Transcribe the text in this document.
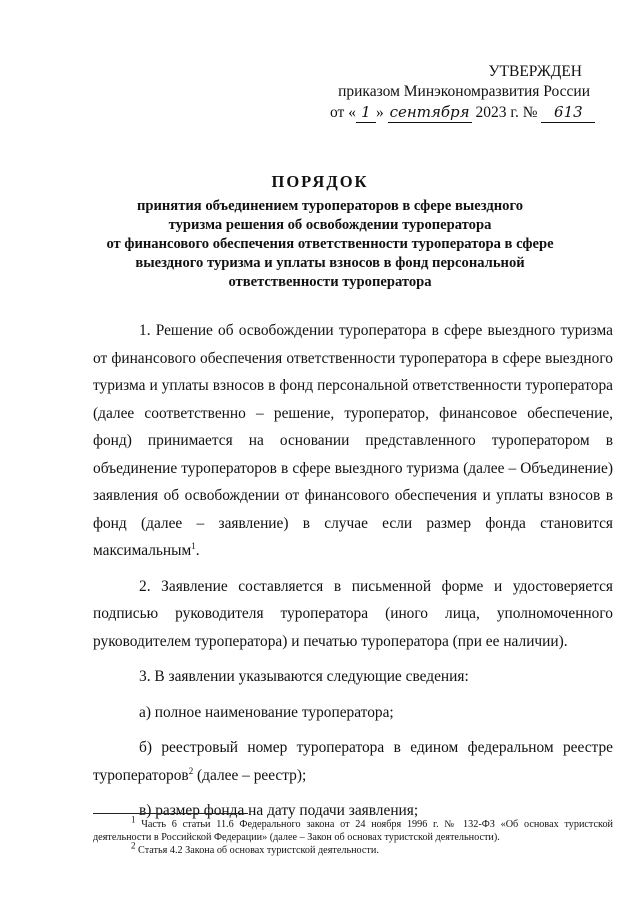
УТВЕРЖДЕН
приказом Минэкономразвития России
от « 1 » сентября 2023 г. № 613
ПОРЯДОК
принятия объединением туроператоров в сфере выездного
туризма решения об освобождении туроператора
от финансового обеспечения ответственности туроператора в сфере
выездного туризма и уплаты взносов в фонд персональной
ответственности туроператора

1. Решение об освобождении туроператора в сфере выездного туризма от финансового обеспечения ответственности туроператора в сфере выездного туризма и уплаты взносов в фонд персональной ответственности туроператора (далее соответственно – решение, туроператор, финансовое обеспечение, фонд) принимается на основании представленного туроператором в объединение туроператоров в сфере выездного туризма (далее – Объединение) заявления об освобождении от финансового обеспечения и уплаты взносов в фонд (далее – заявление) в случае если размер фонда становится максимальным$^1$.

2. Заявление составляется в письменной форме и удостоверяется подписью руководителя туроператора (иного лица, уполномоченного руководителем туроператора) и печатью туроператора (при ее наличии).

3. В заявлении указываются следующие сведения:

а) полное наименование туроператора;

б) реестровый номер туроператора в едином федеральном реестре туроператоров$^2$ (далее – реестр);

в) размер фонда на дату подачи заявления;

$^1$ Часть 6 статьи 11.6 Федерального закона от 24 ноября 1996 г. № 132-ФЗ «Об основах туристской деятельности в Российской Федерации» (далее – Закон об основах туристской деятельности).

$^2$ Статья 4.2 Закона об основах туристской деятельности.
